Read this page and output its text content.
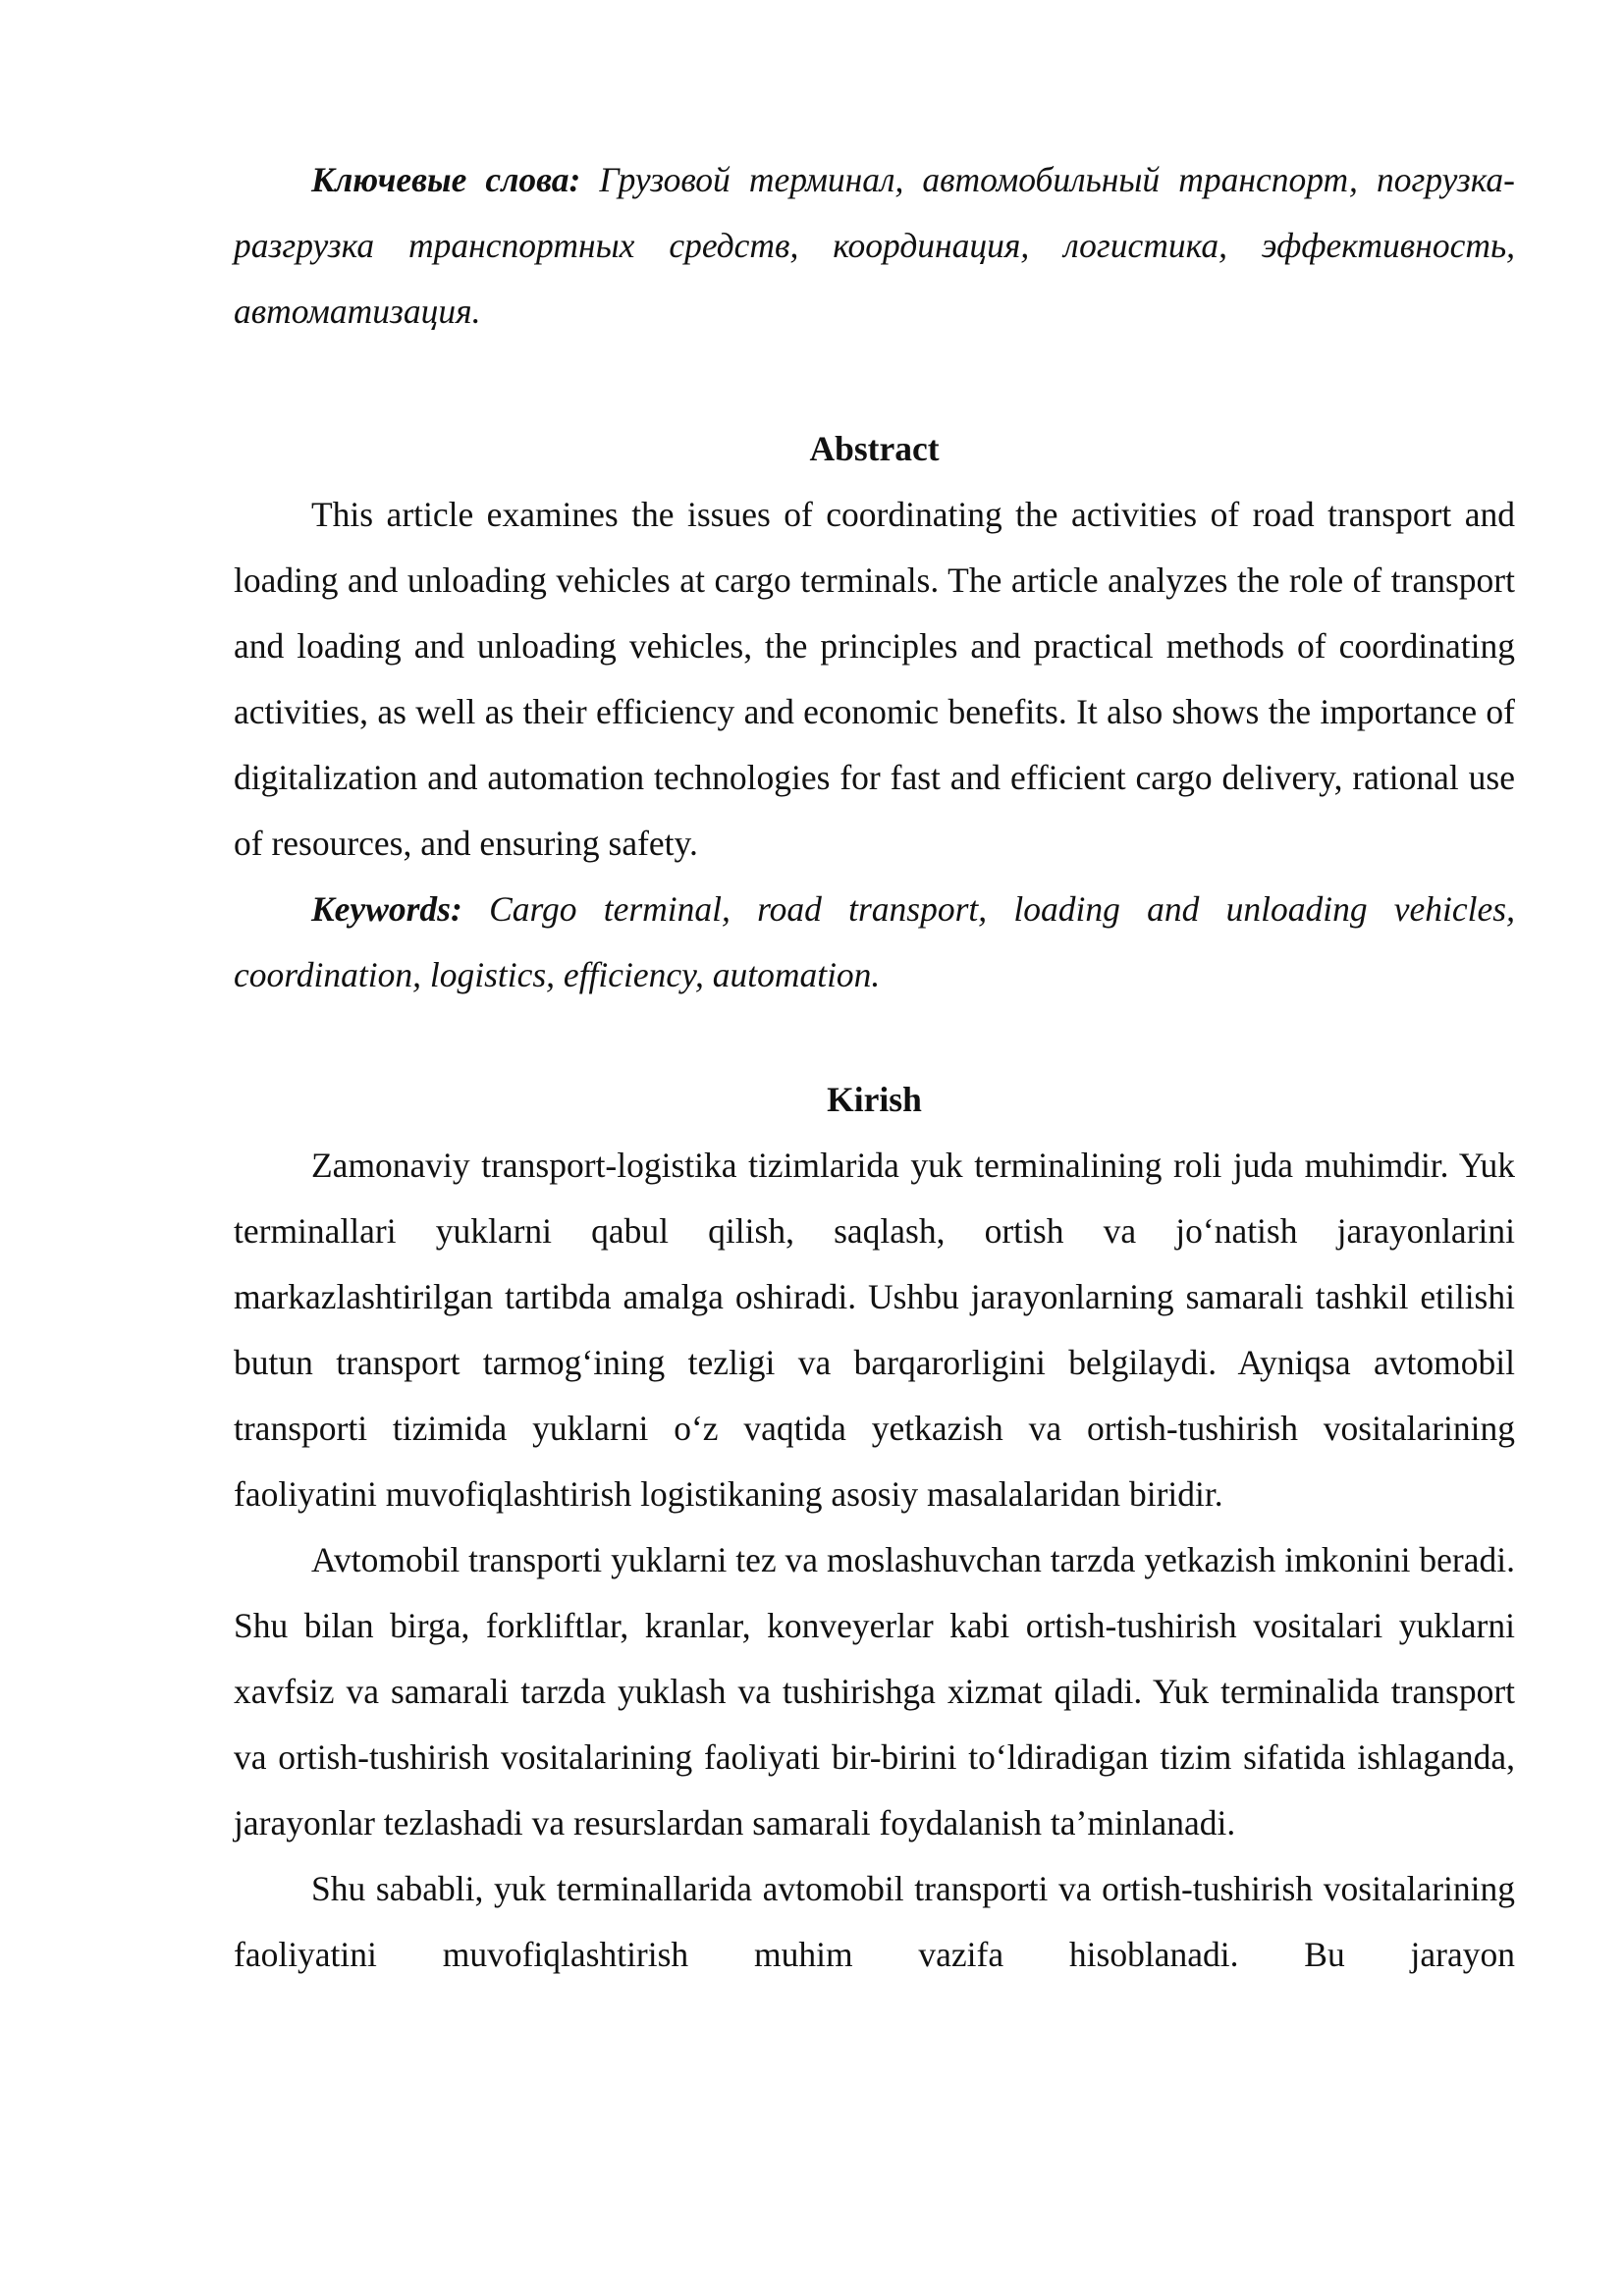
Ключевые слова: Грузовой терминал, автомобильный транспорт, погрузка-разгрузка транспортных средств, координация, логистика, эффективность, автоматизация.

Abstract

This article examines the issues of coordinating the activities of road transport and loading and unloading vehicles at cargo terminals. The article analyzes the role of transport and loading and unloading vehicles, the principles and practical methods of coordinating activities, as well as their efficiency and economic benefits. It also shows the importance of digitalization and automation technologies for fast and efficient cargo delivery, rational use of resources, and ensuring safety.

Keywords: Cargo terminal, road transport, loading and unloading vehicles, coordination, logistics, efficiency, automation.

Kirish

Zamonaviy transport-logistika tizimlarida yuk terminalining roli juda muhimdir. Yuk terminallari yuklarni qabul qilish, saqlash, ortish va jo‘natish jarayonlarini markazlashtirilgan tartibda amalga oshiradi. Ushbu jarayonlarning samarali tashkil etilishi butun transport tarmog‘ining tezligi va barqarorligini belgilaydi. Ayniqsa avtomobil transporti tizimida yuklarni o‘z vaqtida yetkazish va ortish-tushirish vositalarining faoliyatini muvofiqlashtirish logistikaning asosiy masalalaridan biridir.

Avtomobil transporti yuklarni tez va moslashuvchan tarzda yetkazish imkonini beradi. Shu bilan birga, forkliftlar, kranlar, konveyerlar kabi ortish-tushirish vositalari yuklarni xavfsiz va samarali tarzda yuklash va tushirishga xizmat qiladi. Yuk terminalida transport va ortish-tushirish vositalarining faoliyati bir-birini to‘ldiradigan tizim sifatida ishlaganda, jarayonlar tezlashadi va resurslardan samarali foydalanish ta’minlanadi.

Shu sababli, yuk terminallarida avtomobil transporti va ortish-tushirish vositalarining faoliyatini muvofiqlashtirish muhim vazifa hisoblanadi. Bu jarayon
